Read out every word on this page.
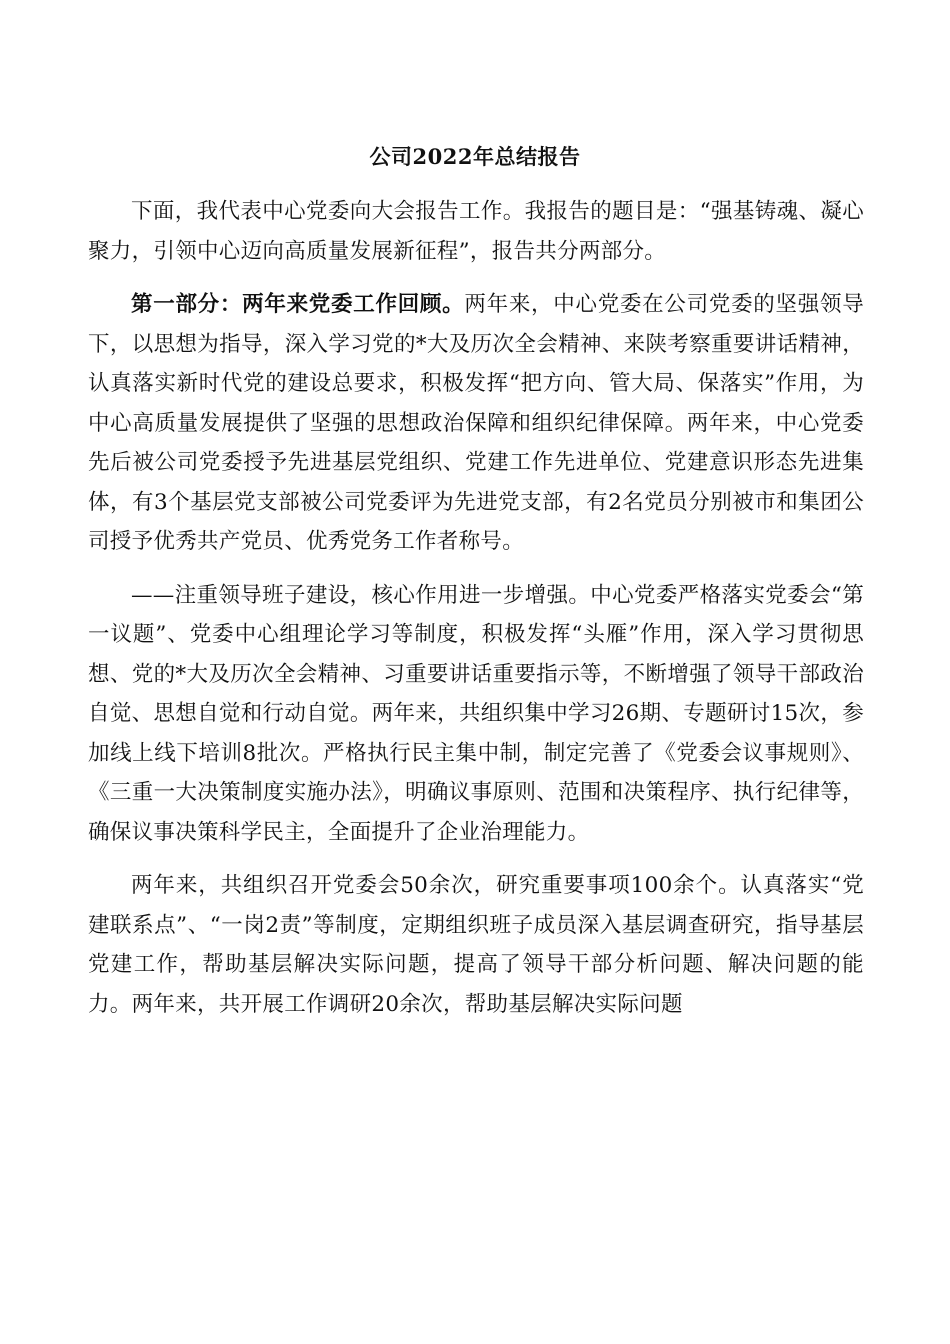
公司2022年总结报告

下面，我代表中心党委向大会报告工作。我报告的题目是：“强基铸魂、凝心聚力，引领中心迈向高质量发展新征程”，报告共分两部分。

第一部分：两年来党委工作回顾。两年来，中心党委在公司党委的坚强领导下，以思想为指导，深入学习党的*大及历次全会精神、来陕考察重要讲话精神，认真落实新时代党的建设总要求，积极发挥“把方向、管大局、保落实”作用，为中心高质量发展提供了坚强的思想政治保障和组织纪律保障。两年来，中心党委先后被公司党委授予先进基层党组织、党建工作先进单位、党建意识形态先进集体，有3个基层党支部被公司党委评为先进党支部，有2名党员分别被市和集团公司授予优秀共产党员、优秀党务工作者称号。

——注重领导班子建设，核心作用进一步增强。中心党委严格落实党委会“第一议题”、党委中心组理论学习等制度，积极发挥“头雁”作用，深入学习贯彻思想、党的*大及历次全会精神、习重要讲话重要指示等，不断增强了领导干部政治自觉、思想自觉和行动自觉。两年来，共组织集中学习26期、专题研讨15次，参加线上线下培训8批次。严格执行民主集中制，制定完善了《党委会议事规则》、《三重一大决策制度实施办法》，明确议事原则、范围和决策程序、执行纪律等，确保议事决策科学民主，全面提升了企业治理能力。

两年来，共组织召开党委会50余次，研究重要事项100余个。认真落实“党建联系点”、“一岗2责”等制度，定期组织班子成员深入基层调查研究，指导基层党建工作，帮助基层解决实际问题，提高了领导干部分析问题、解决问题的能力。两年来，共开展工作调研20余次，帮助基层解决实际问题
